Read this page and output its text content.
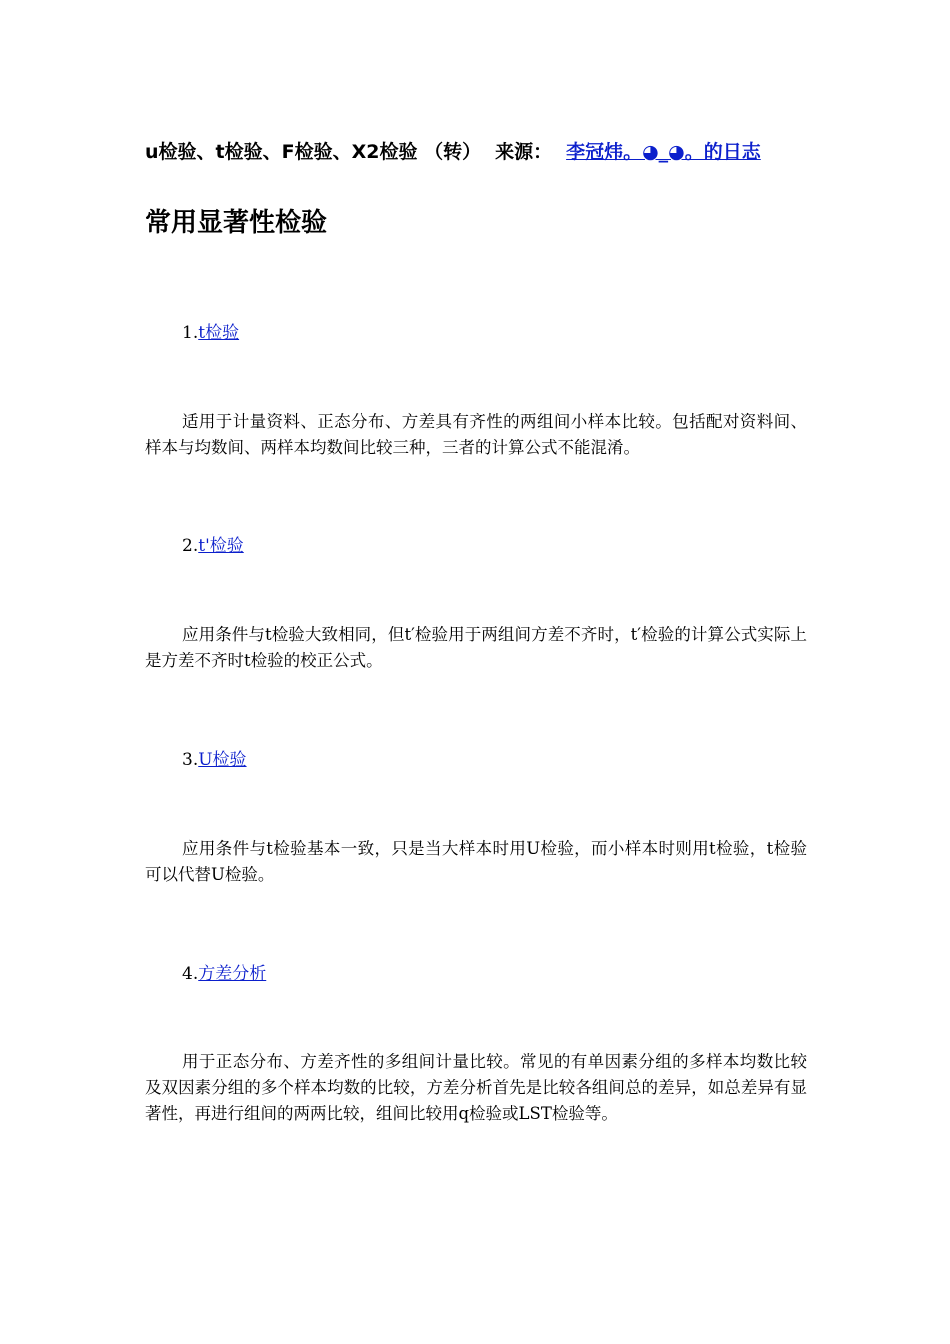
u检验、t检验、F检验、X2检验 （转） 来源： 李冠炜。◕_◕。的日志
常用显著性检验
1.t检验
适用于计量资料、正态分布、方差具有齐性的两组间小样本比较。包括配对资料间、样本与均数间、两样本均数间比较三种，三者的计算公式不能混淆。
2.t'检验
应用条件与t检验大致相同，但t′检验用于两组间方差不齐时，t′检验的计算公式实际上是方差不齐时t检验的校正公式。
3.U检验
应用条件与t检验基本一致，只是当大样本时用U检验，而小样本时则用t检验，t检验可以代替U检验。
4.方差分析
用于正态分布、方差齐性的多组间计量比较。常见的有单因素分组的多样本均数比较及双因素分组的多个样本均数的比较，方差分析首先是比较各组间总的差异，如总差异有显著性，再进行组间的两两比较，组间比较用q检验或LST检验等。
